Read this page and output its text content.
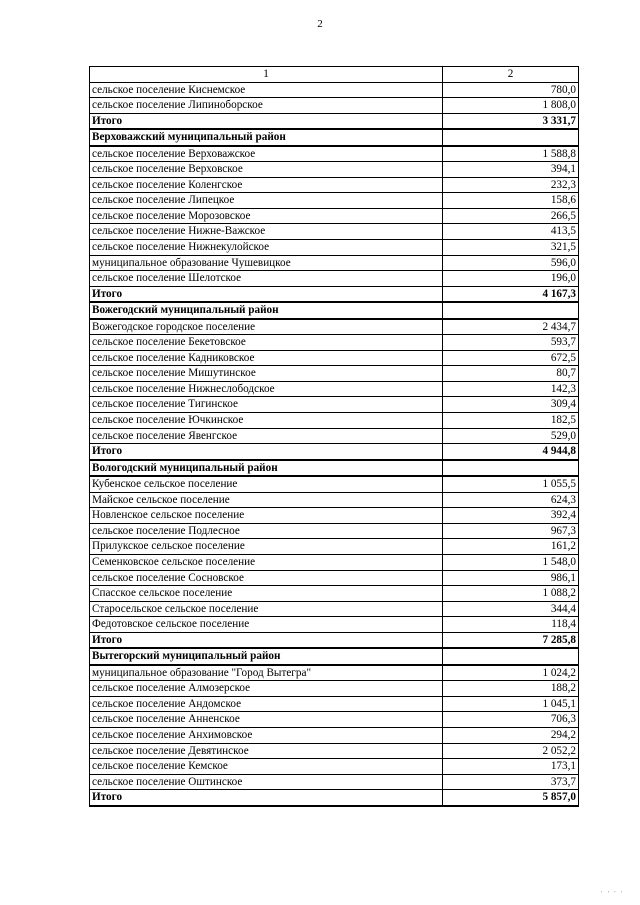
2
1	2
сельское поселение Киснемское	780,0
сельское поселение Липиноборское	1 808,0
Итого	3 331,7
Верховажский муниципальный район	
сельское поселение Верховажское	1 588,8
сельское поселение Верховское	394,1
сельское поселение Коленгское	232,3
сельское поселение Липецкое	158,6
сельское поселение Морозовское	266,5
сельское поселение Нижне-Важское	413,5
сельское поселение Нижнекулойское	321,5
муниципальное образование Чушевицкое	596,0
сельское поселение Шелотское	196,0
Итого	4 167,3
Вожегодский муниципальный район	
Вожегодское городское поселение	2 434,7
сельское поселение Бекетовское	593,7
сельское поселение Кадниковское	672,5
сельское поселение Мишутинское	80,7
сельское поселение Нижнеслободское	142,3
сельское поселение Тигинское	309,4
сельское поселение Ючкинское	182,5
сельское поселение Явенгское	529,0
Итого	4 944,8
Вологодский муниципальный район	
Кубенское сельское поселение	1 055,5
Майское сельское поселение	624,3
Новленское сельское поселение	392,4
сельское поселение Подлесное	967,3
Прилукское сельское поселение	161,2
Семенковское сельское поселение	1 548,0
сельское поселение Сосновское	986,1
Спасское сельское поселение	1 088,2
Старосельское сельское поселение	344,4
Федотовское сельское поселение	118,4
Итого	7 285,8
Вытегорский муниципальный район	
муниципальное образование "Город Вытегра"	1 024,2
сельское поселение Алмозерское	188,2
сельское поселение Андомское	1 045,1
сельское поселение Анненское	706,3
сельское поселение Анхимовское	294,2
сельское поселение Девятинское	2 052,2
сельское поселение Кемское	173,1
сельское поселение Оштинское	373,7
Итого	5 857,0
' ' ' '
